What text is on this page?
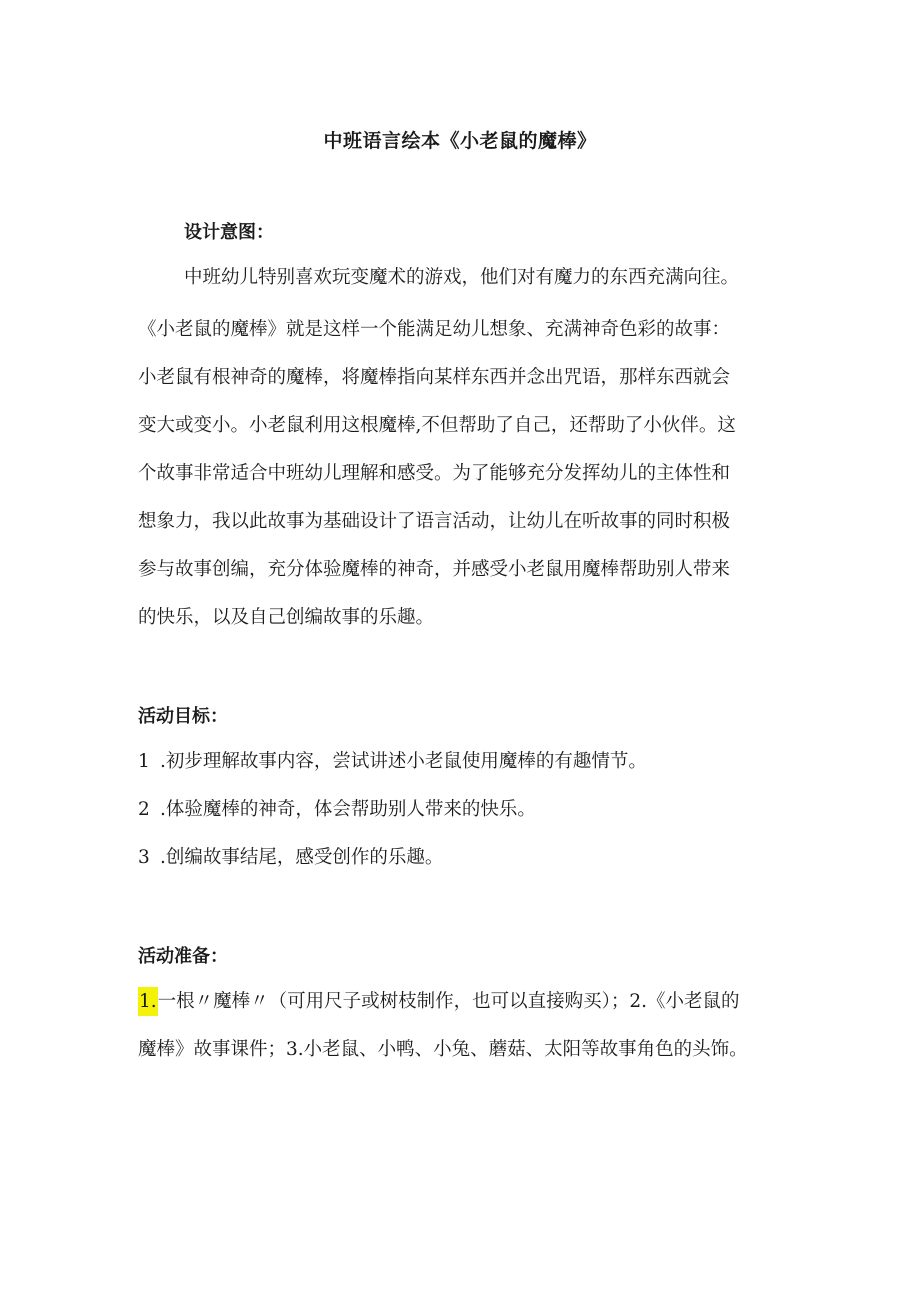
中班语言绘本《小老鼠的魔棒》
设计意图：
中班幼儿特别喜欢玩变魔术的游戏，他们对有魔力的东西充满向往。
《小老鼠的魔棒》就是这样一个能满足幼儿想象、充满神奇色彩的故事：
小老鼠有根神奇的魔棒，将魔棒指向某样东西并念出咒语，那样东西就会
变大或变小。小老鼠利用这根魔棒,不但帮助了自己，还帮助了小伙伴。这
个故事非常适合中班幼儿理解和感受。为了能够充分发挥幼儿的主体性和
想象力，我以此故事为基础设计了语言活动，让幼儿在听故事的同时积极
参与故事创编，充分体验魔棒的神奇，并感受小老鼠用魔棒帮助别人带来
的快乐，以及自己创编故事的乐趣。
活动目标：
1 .初步理解故事内容，尝试讲述小老鼠使用魔棒的有趣情节。
2 .体验魔棒的神奇，体会帮助别人带来的快乐。
3 .创编故事结尾，感受创作的乐趣。
活动准备：
1.一根〃魔棒〃（可用尺子或树枝制作，也可以直接购买）；2.《小老鼠的
魔棒》故事课件；3.小老鼠、小鸭、小兔、蘑菇、太阳等故事角色的头饰。
